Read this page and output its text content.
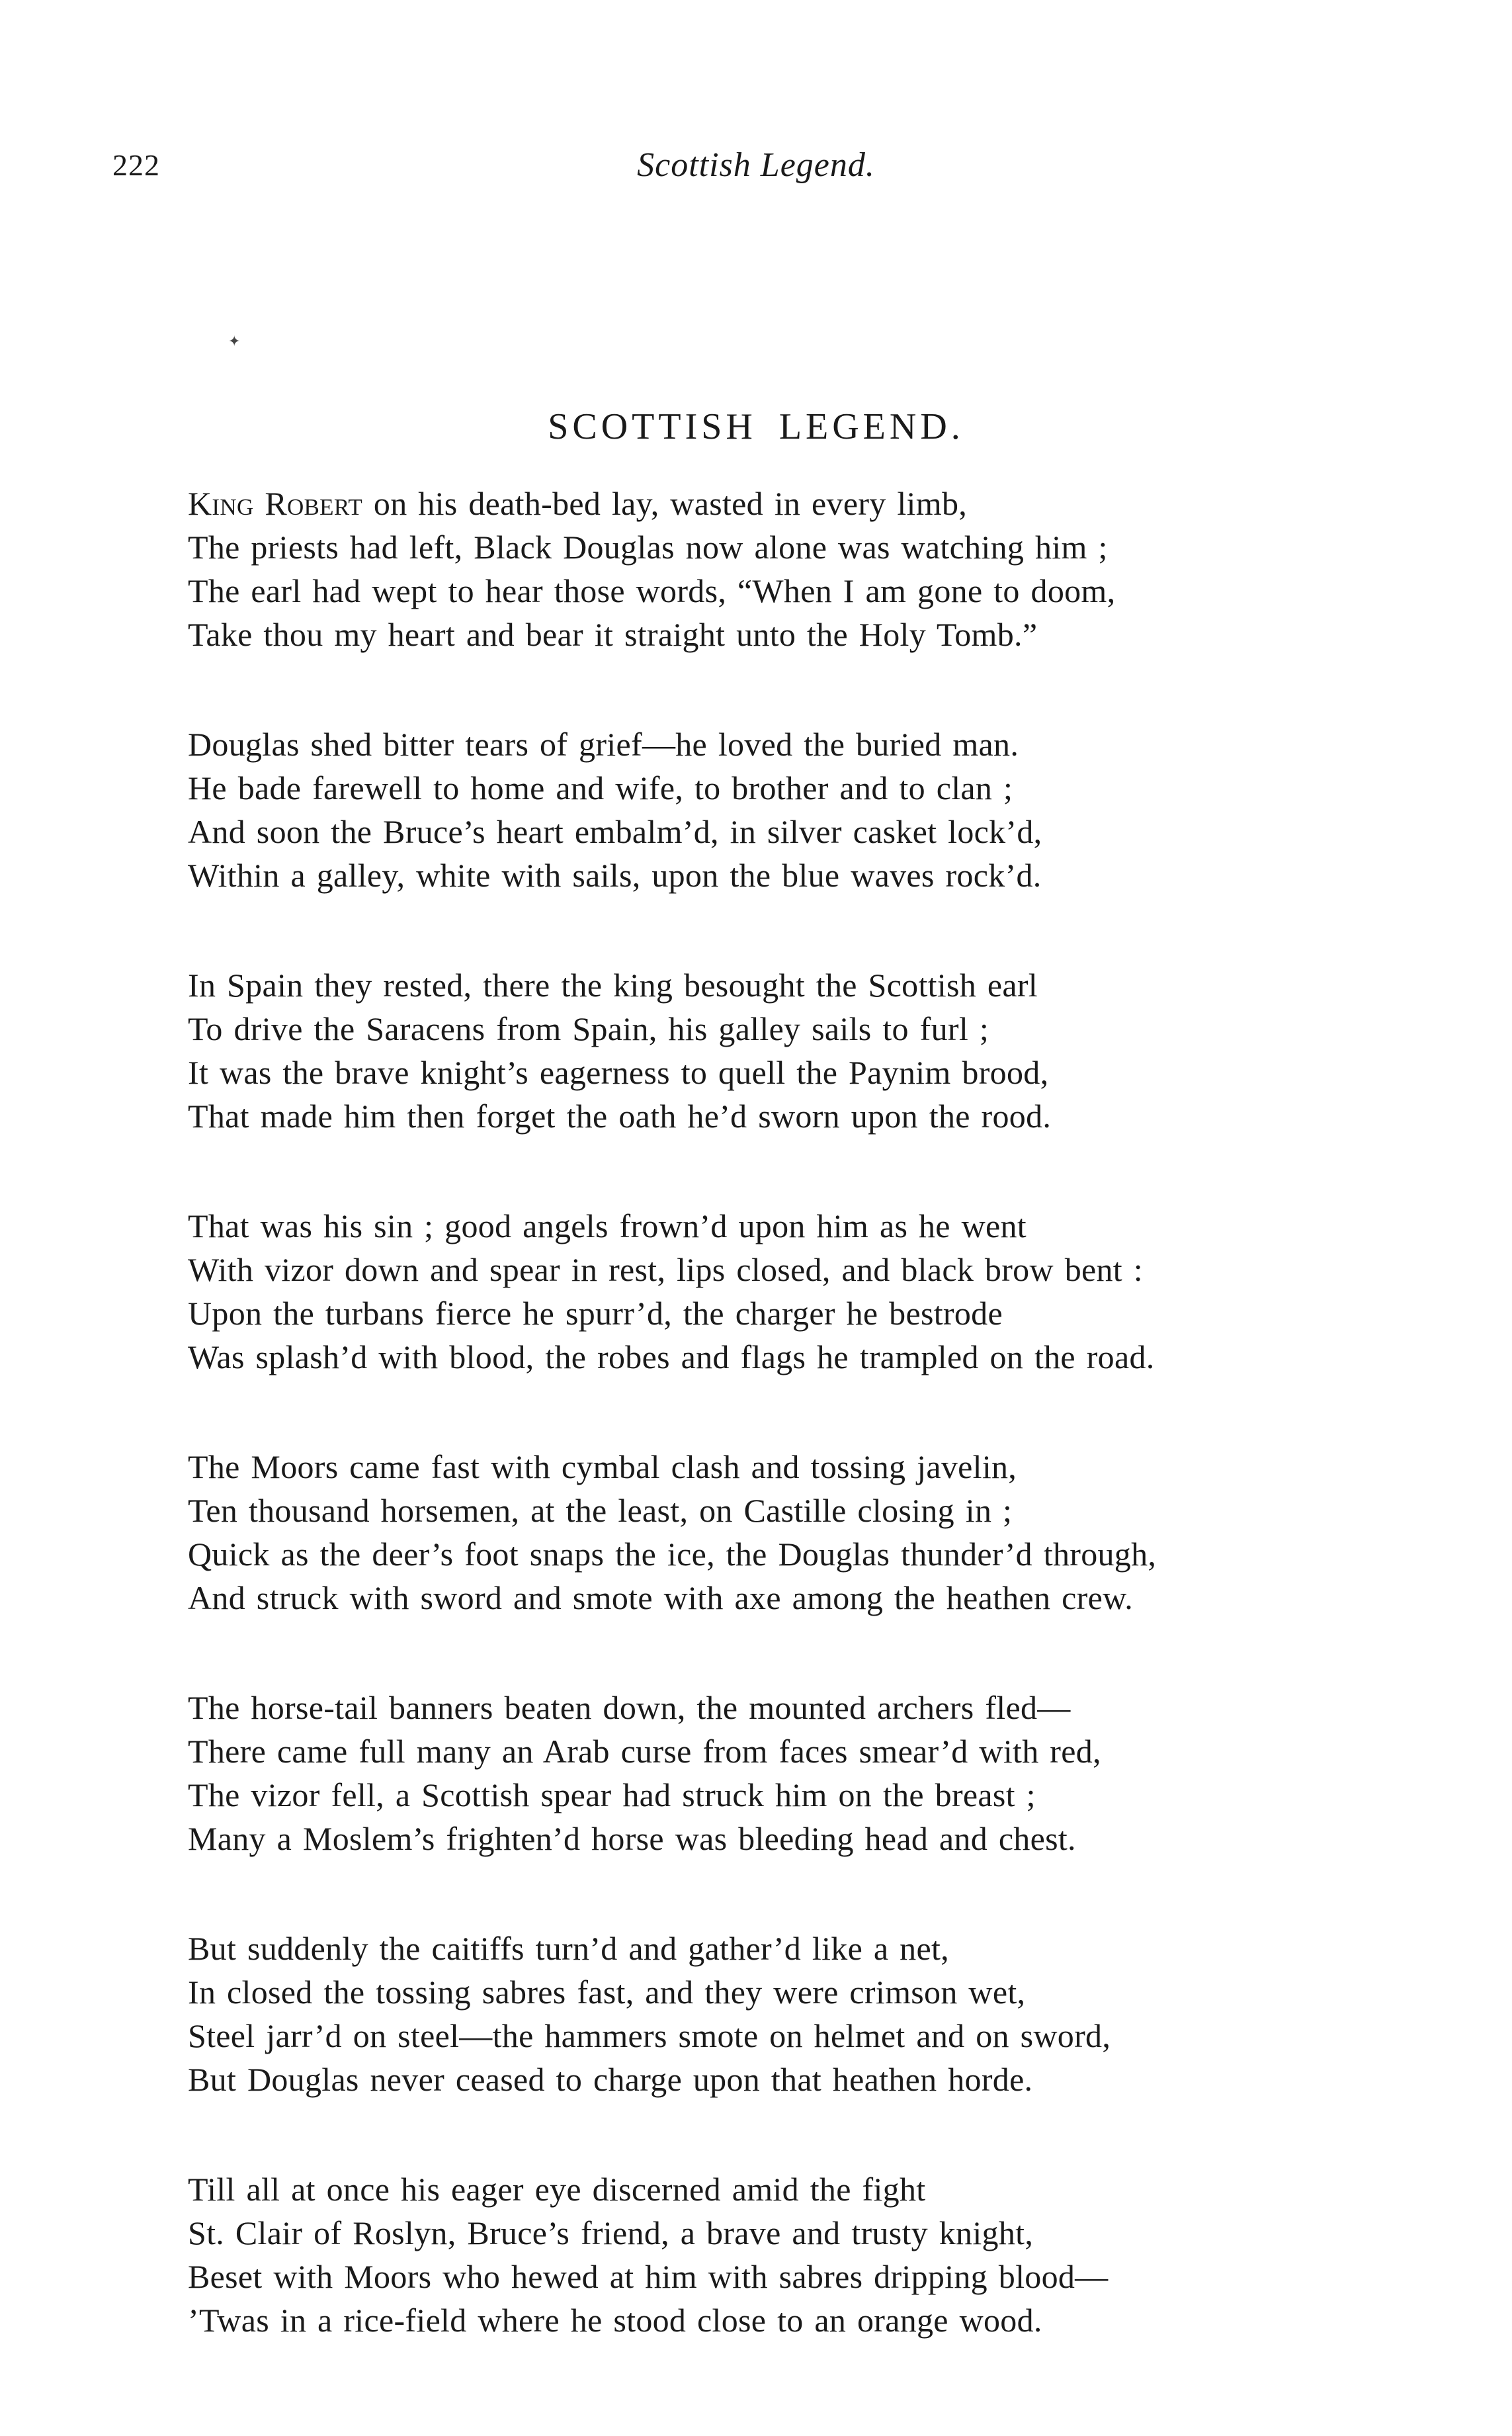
222	Scottish Legend.
✦
SCOTTISH LEGEND.
King Robert on his death-bed lay, wasted in every limb,
The priests had left, Black Douglas now alone was watching him ;
The earl had wept to hear those words, “When I am gone to doom,
Take thou my heart and bear it straight unto the Holy Tomb.”
Douglas shed bitter tears of grief—he loved the buried man.
He bade farewell to home and wife, to brother and to clan ;
And soon the Bruce’s heart embalm’d, in silver casket lock’d,
Within a galley, white with sails, upon the blue waves rock’d.
In Spain they rested, there the king besought the Scottish earl
To drive the Saracens from Spain, his galley sails to furl ;
It was the brave knight’s eagerness to quell the Paynim brood,
That made him then forget the oath he’d sworn upon the rood.
That was his sin ; good angels frown’d upon him as he went
With vizor down and spear in rest, lips closed, and black brow bent :
Upon the turbans fierce he spurr’d, the charger he bestrode
Was splash’d with blood, the robes and flags he trampled on the road.
The Moors came fast with cymbal clash and tossing javelin,
Ten thousand horsemen, at the least, on Castille closing in ;
Quick as the deer’s foot snaps the ice, the Douglas thunder’d through,
And struck with sword and smote with axe among the heathen crew.
The horse-tail banners beaten down, the mounted archers fled—
There came full many an Arab curse from faces smear’d with red,
The vizor fell, a Scottish spear had struck him on the breast ;
Many a Moslem’s frighten’d horse was bleeding head and chest.
But suddenly the caitiffs turn’d and gather’d like a net,
In closed the tossing sabres fast, and they were crimson wet,
Steel jarr’d on steel—the hammers smote on helmet and on sword,
But Douglas never ceased to charge upon that heathen horde.
Till all at once his eager eye discerned amid the fight
St. Clair of Roslyn, Bruce’s friend, a brave and trusty knight,
Beset with Moors who hewed at him with sabres dripping blood—
’Twas in a rice-field where he stood close to an orange wood.
